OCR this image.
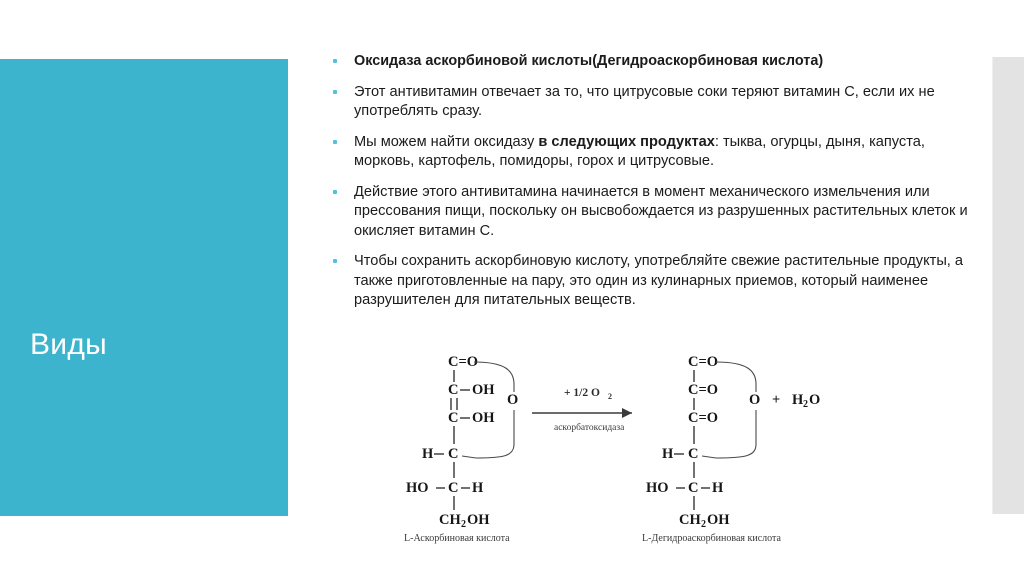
Виды
Оксидаза аскорбиновой кислоты(Дегидроаскорбиновая кислота)
Этот антивитамин отвечает за то, что цитрусовые соки теряют витамин С, если их не употреблять сразу.
Мы можем найти оксидазу в следующих продуктах: тыква, огурцы, дыня, капуста, морковь, картофель, помидоры, горох и цитрусовые.
Действие этого антивитамина начинается в момент механического измельчения или прессования пищи, поскольку он высвобождается из разрушенных растительных клеток и окисляет витамин С.
Чтобы сохранить аскорбиновую кислоту, употребляйте свежие растительные продукты, а также приготовленные на пару, это один из кулинарных приемов, который наименее разрушителен для питательных веществ.
C=O
C OH
C OH
H C
HO C H
CH 2 OH
O
L-Аскорбиновая кислота
+ 1/2 O 2
аскорбатоксидаза
C=O
C=O
C=O
H C
HO C H
CH 2 OH
O + H 2 O
L-Дегидроаскорбиновая кислота
